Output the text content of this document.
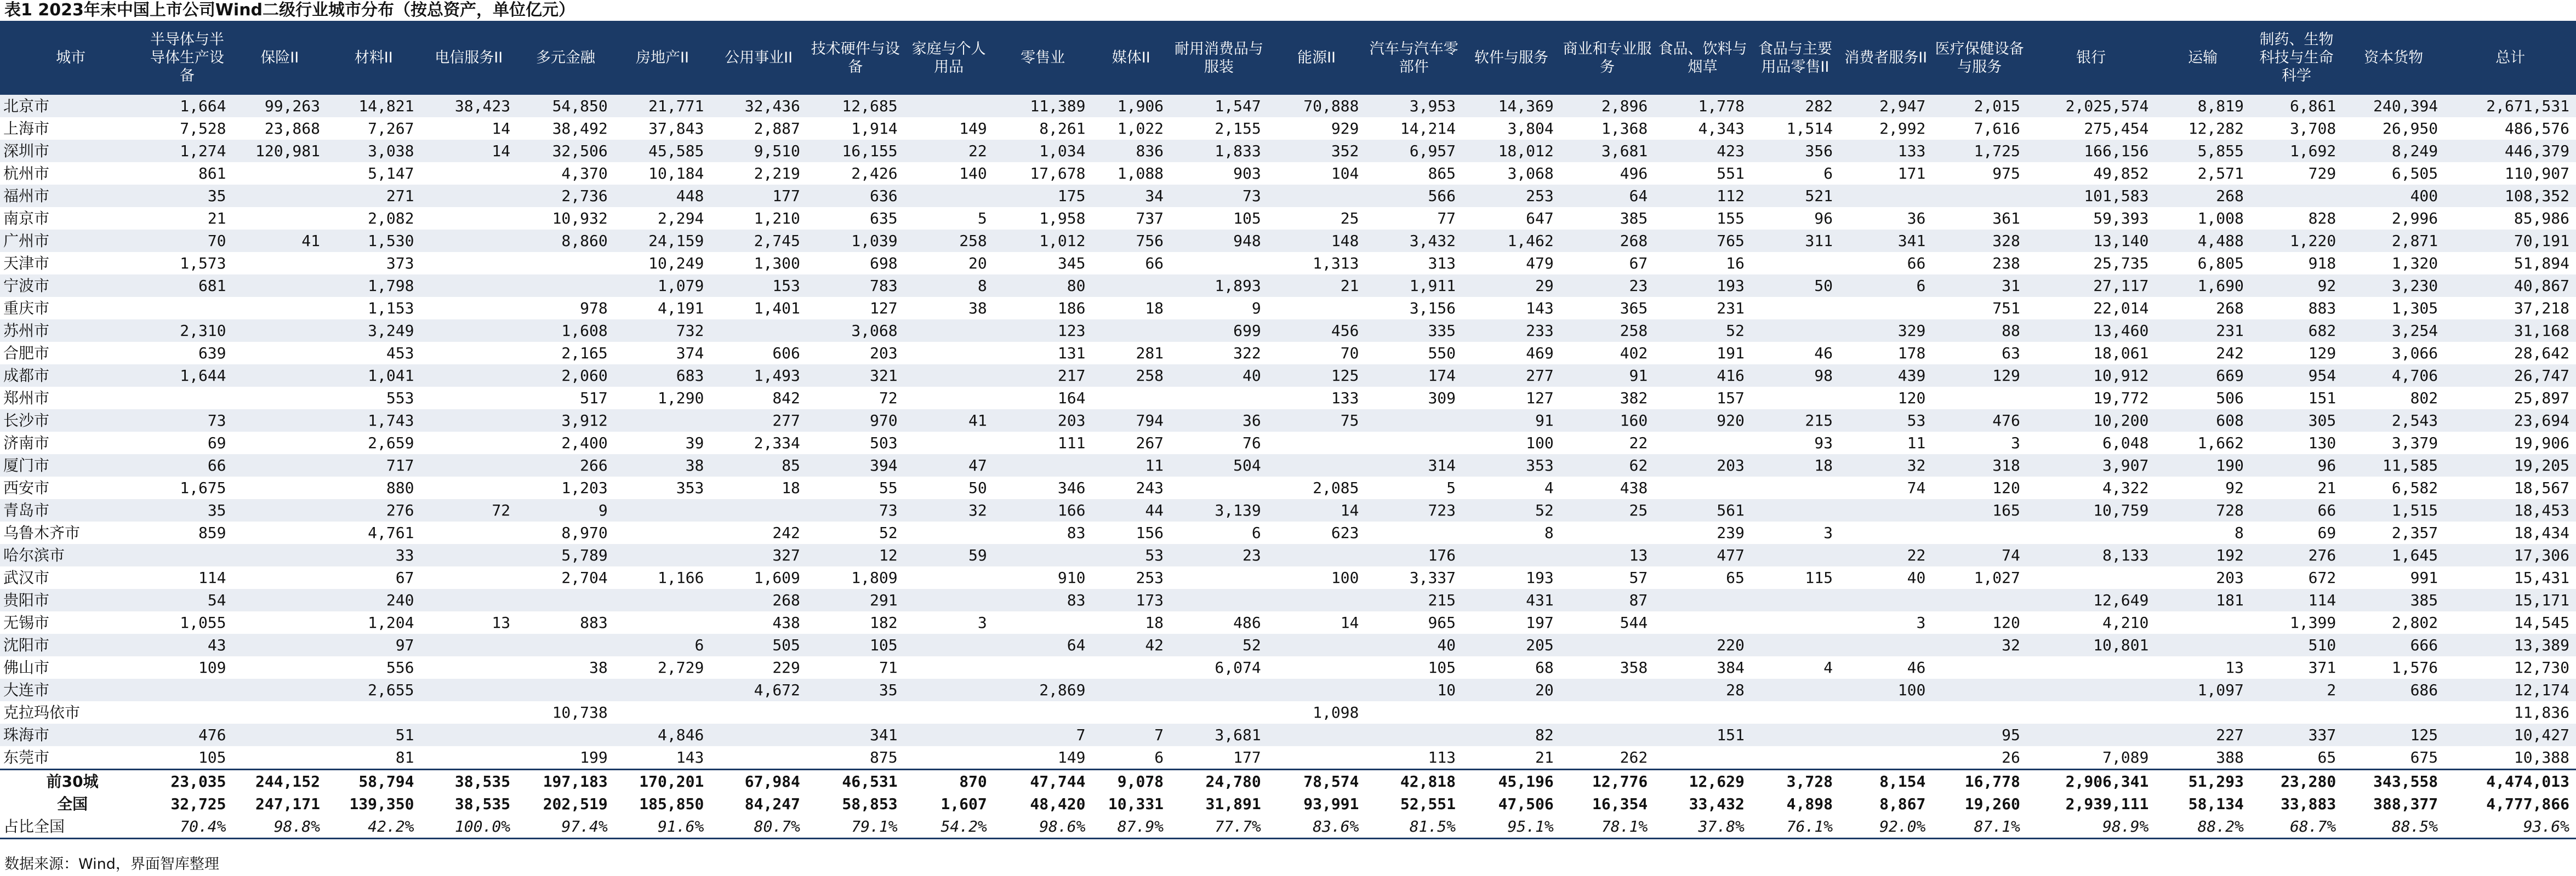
表1 2023年末中国上市公司Wind二级行业城市分布（按总资产，单位亿元）
城市	半导体与半导体生产设备	保险II	材料II	电信服务II	多元金融	房地产II	公用事业II	技术硬件与设备	家庭与个人用品	零售业	媒体II	耐用消费品与服装	能源II	汽车与汽车零部件	软件与服务	商业和专业服务	食品、饮料与烟草	食品与主要用品零售II	消费者服务II	医疗保健设备与服务	银行	运输	制药、生物科技与生命科学	资本货物	总计
北京市	1,664	99,263	14,821	38,423	54,850	21,771	32,436	12,685		11,389	1,906	1,547	70,888	3,953	14,369	2,896	1,778	282	2,947	2,015	2,025,574	8,819	6,861	240,394	2,671,531
上海市	7,528	23,868	7,267	14	38,492	37,843	2,887	1,914	149	8,261	1,022	2,155	929	14,214	3,804	1,368	4,343	1,514	2,992	7,616	275,454	12,282	3,708	26,950	486,576
深圳市	1,274	120,981	3,038	14	32,506	45,585	9,510	16,155	22	1,034	836	1,833	352	6,957	18,012	3,681	423	356	133	1,725	166,156	5,855	1,692	8,249	446,379
杭州市	861		5,147		4,370	10,184	2,219	2,426	140	17,678	1,088	903	104	865	3,068	496	551	6	171	975	49,852	2,571	729	6,505	110,907
福州市	35		271		2,736	448	177	636		175	34	73		566	253	64	112	521			101,583	268		400	108,352
南京市	21		2,082		10,932	2,294	1,210	635	5	1,958	737	105	25	77	647	385	155	96	36	361	59,393	1,008	828	2,996	85,986
广州市	70	41	1,530		8,860	24,159	2,745	1,039	258	1,012	756	948	148	3,432	1,462	268	765	311	341	328	13,140	4,488	1,220	2,871	70,191
天津市	1,573		373			10,249	1,300	698	20	345	66		1,313	313	479	67	16		66	238	25,735	6,805	918	1,320	51,894
宁波市	681		1,798			1,079	153	783	8	80		1,893	21	1,911	29	23	193	50	6	31	27,117	1,690	92	3,230	40,867
重庆市			1,153		978	4,191	1,401	127	38	186	18	9		3,156	143	365	231			751	22,014	268	883	1,305	37,218
苏州市	2,310		3,249		1,608	732		3,068		123		699	456	335	233	258	52		329	88	13,460	231	682	3,254	31,168
合肥市	639		453		2,165	374	606	203		131	281	322	70	550	469	402	191	46	178	63	18,061	242	129	3,066	28,642
成都市	1,644		1,041		2,060	683	1,493	321		217	258	40	125	174	277	91	416	98	439	129	10,912	669	954	4,706	26,747
郑州市			553		517	1,290	842	72		164			133	309	127	382	157		120		19,772	506	151	802	25,897
长沙市	73		1,743		3,912		277	970	41	203	794	36	75		91	160	920	215	53	476	10,200	608	305	2,543	23,694
济南市	69		2,659		2,400	39	2,334	503		111	267	76			100	22		93	11	3	6,048	1,662	130	3,379	19,906
厦门市	66		717		266	38	85	394	47		11	504		314	353	62	203	18	32	318	3,907	190	96	11,585	19,205
西安市	1,675		880		1,203	353	18	55	50	346	243		2,085	5	4	438			74	120	4,322	92	21	6,582	18,567
青岛市	35		276	72	9			73	32	166	44	3,139	14	723	52	25	561			165	10,759	728	66	1,515	18,453
乌鲁木齐市	859		4,761		8,970		242	52		83	156	6	623		8		239	3				8	69	2,357	18,434
哈尔滨市			33		5,789		327	12	59		53	23		176		13	477		22	74	8,133	192	276	1,645	17,306
武汉市	114		67		2,704	1,166	1,609	1,809		910	253		100	3,337	193	57	65	115	40	1,027		203	672	991	15,431
贵阳市	54		240				268	291		83	173			215	431	87					12,649	181	114	385	15,171
无锡市	1,055		1,204	13	883		438	182	3		18	486	14	965	197	544			3	120	4,210		1,399	2,802	14,545
沈阳市	43		97			6	505	105		64	42	52		40	205		220			32	10,801		510	666	13,389
佛山市	109		556		38	2,729	229	71				6,074		105	68	358	384	4	46			13	371	1,576	12,730
大连市			2,655				4,672	35		2,869				10	20		28		100			1,097	2	686	12,174
克拉玛依市					10,738								1,098												11,836
珠海市	476		51			4,846		341		7	7	3,681			82		151			95		227	337	125	10,427
东莞市	105		81		199	143		875		149	6	177		113	21	262				26	7,089	388	65	675	10,388
前30城	23,035	244,152	58,794	38,535	197,183	170,201	67,984	46,531	870	47,744	9,078	24,780	78,574	42,818	45,196	12,776	12,629	3,728	8,154	16,778	2,906,341	51,293	23,280	343,558	4,474,013
全国	32,725	247,171	139,350	38,535	202,519	185,850	84,247	58,853	1,607	48,420	10,331	31,891	93,991	52,551	47,506	16,354	33,432	4,898	8,867	19,260	2,939,111	58,134	33,883	388,377	4,777,866
占比全国	70.4%	98.8%	42.2%	100.0%	97.4%	91.6%	80.7%	79.1%	54.2%	98.6%	87.9%	77.7%	83.6%	81.5%	95.1%	78.1%	37.8%	76.1%	92.0%	87.1%	98.9%	88.2%	68.7%	88.5%	93.6%
数据来源：Wind，界面智库整理
